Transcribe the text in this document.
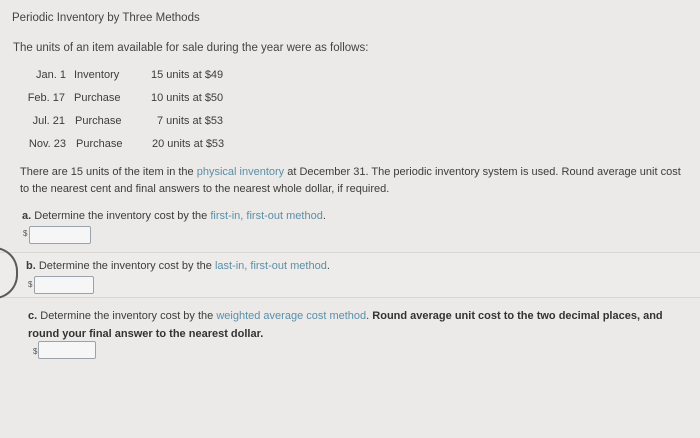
Periodic Inventory by Three Methods
The units of an item available for sale during the year were as follows:
Jan. 1 Inventory	15 units at $49
Feb. 17 Purchase	10 units at $50
Jul. 21 Purchase	7 units at $53
Nov. 23 Purchase	20 units at $53
There are 15 units of the item in the physical inventory at December 31. The periodic inventory system is used. Round average unit cost to the nearest cent and final answers to the nearest whole dollar, if required.
a. Determine the inventory cost by the first-in, first-out method.
$
b. Determine the inventory cost by the last-in, first-out method.
$
c. Determine the inventory cost by the weighted average cost method. Round average unit cost to the two decimal places, and round your final answer to the nearest dollar.
$
